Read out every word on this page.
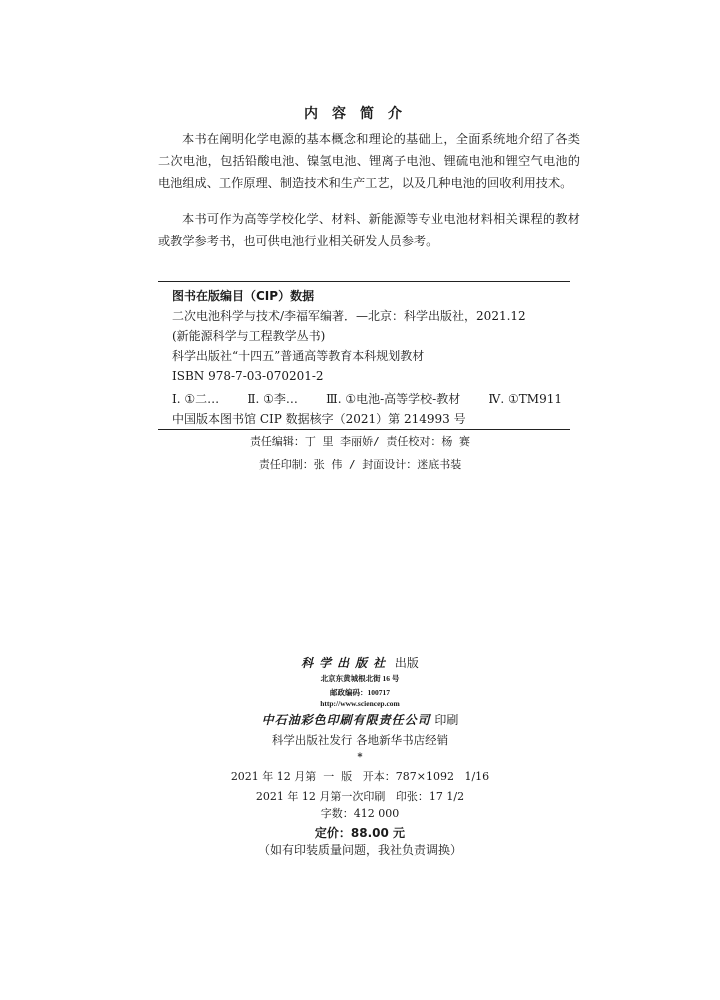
内容简介

本书在阐明化学电源的基本概念和理论的基础上，全面系统地介绍了各类二次电池，包括铅酸电池、镍氢电池、锂离子电池、锂硫电池和锂空气电池的电池组成、工作原理、制造技术和生产工艺，以及几种电池的回收利用技术。

本书可作为高等学校化学、材料、新能源等专业电池材料相关课程的教材或教学参考书，也可供电池行业相关研发人员参考。

图书在版编目（CIP）数据
二次电池科学与技术/李福军编著．—北京：科学出版社，2021.12
(新能源科学与工程教学丛书)
科学出版社“十四五”普通高等教育本科规划教材
ISBN 978-7-03-070201-2
Ⅰ. ①二… Ⅱ. ①李… Ⅲ. ①电池-高等学校-教材 Ⅳ. ①TM911
中国版本图书馆 CIP 数据核字（2021）第 214993 号
责任编辑：丁 里 李丽娇/ 责任校对：杨 赛
责任印制：张 伟 / 封面设计：迷底书装
科学出版社 出版
北京东黄城根北街 16 号
邮政编码：100717
http://www.sciencep.com
中石油彩色印刷有限责任公司 印刷
科学出版社发行 各地新华书店经销
*
2021 年 12 月第  一  版   开本：787×1092   1/16
2021 年 12 月第一次印刷   印张：17 1/2
字数：412 000
定价：88.00 元
（如有印装质量问题，我社负责调换）
